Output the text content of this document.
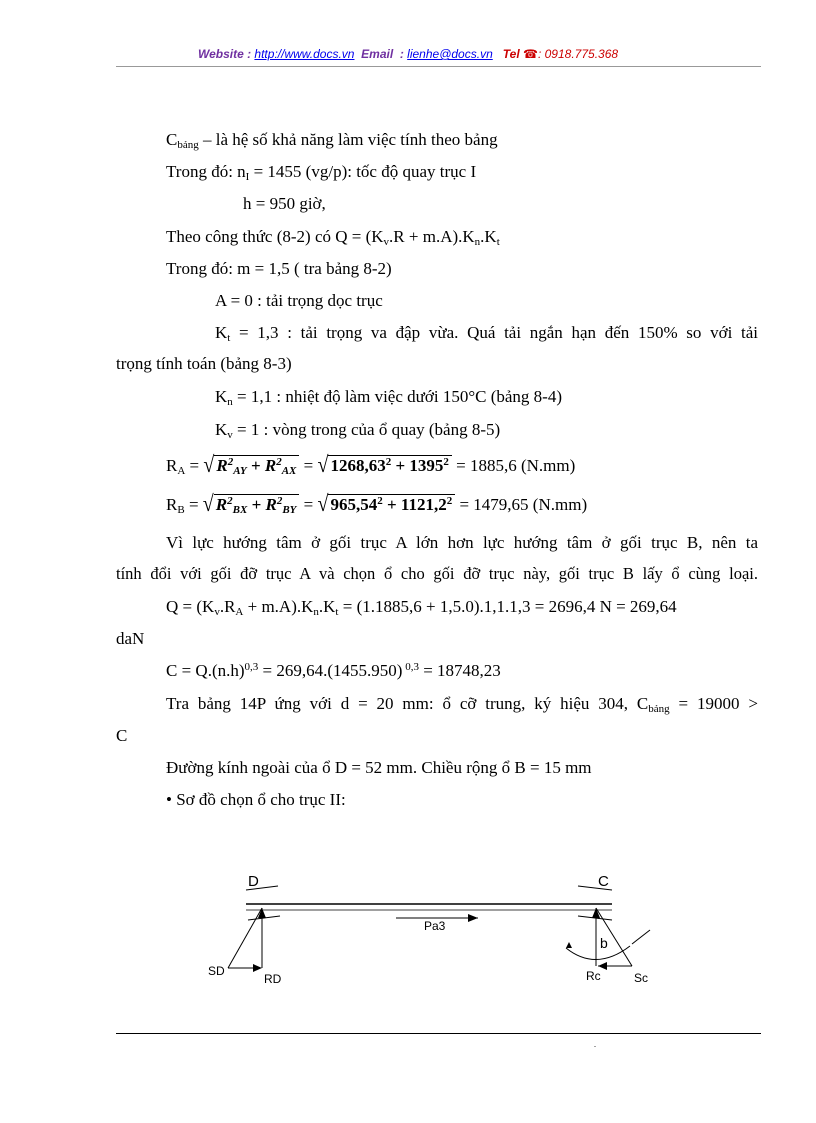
Website : http://www.docs.vn Email : lienhe@docs.vn Tel ☎: 0918.775.368
$C_{bảng}$ – là hệ số khả năng làm việc tính theo bảng
Trong đó: $n_I = 1455$ (vg/p): tốc độ quay trục I
h = 950 giờ,
Theo công thức (8-2) có $Q = (K_v.R + m.A).K_n.K_t$
Trong đó: m = 1,5 ( tra bảng 8-2)
A = 0 : tải trọng dọc trục
$K_t = 1,3$ : tải trọng va đập vừa. Quá tải ngắn hạn đến 150% so với tải
trọng tính toán (bảng 8-3)
$K_n = 1,1$ : nhiệt độ làm việc dưới 150°C (bảng 8-4)
$K_v = 1$ : vòng trong của ổ quay (bảng 8-5)
$R_A$ = √ $R^2_{AY} + R^2_{AX}$ = √ $1268,63^2 + 1395^2 = 1885,6$ (N.mm)
$R_B$ = √ $R^2_{BX} + R^2_{BY}$ = √ $965,54^2 + 1121,2^2 = 1479,65$ (N.mm)
Vì lực hướng tâm ở gối trục A lớn hơn lực hướng tâm ở gối trục B, nên ta
tính đổi với gối đỡ trục A và chọn ổ cho gối đỡ trục này, gối trục B lấy ổ cùng loại.
$Q = (K_v.R_A + m.A).K_n.K_t = (1.1885,6 + 1,5.0).1,1.1,3 = 2696,4$ N = 269,64
daN
$C = Q.(n.h)^{0,3} = 269,64.(1455.950) ^{0,3} = 18748,23$
Tra bảng 14P ứng với d = 20 mm: ổ cỡ trung, ký hiệu 304, $C_{bảng} = 19000$ >
C
Đường kính ngoài của ổ D = 52 mm. Chiều rộng ổ B = 15 mm
• Sơ đồ chọn ổ cho trục II:
D	C
Pa3
SD
RD	Rc	Sc
b
.
